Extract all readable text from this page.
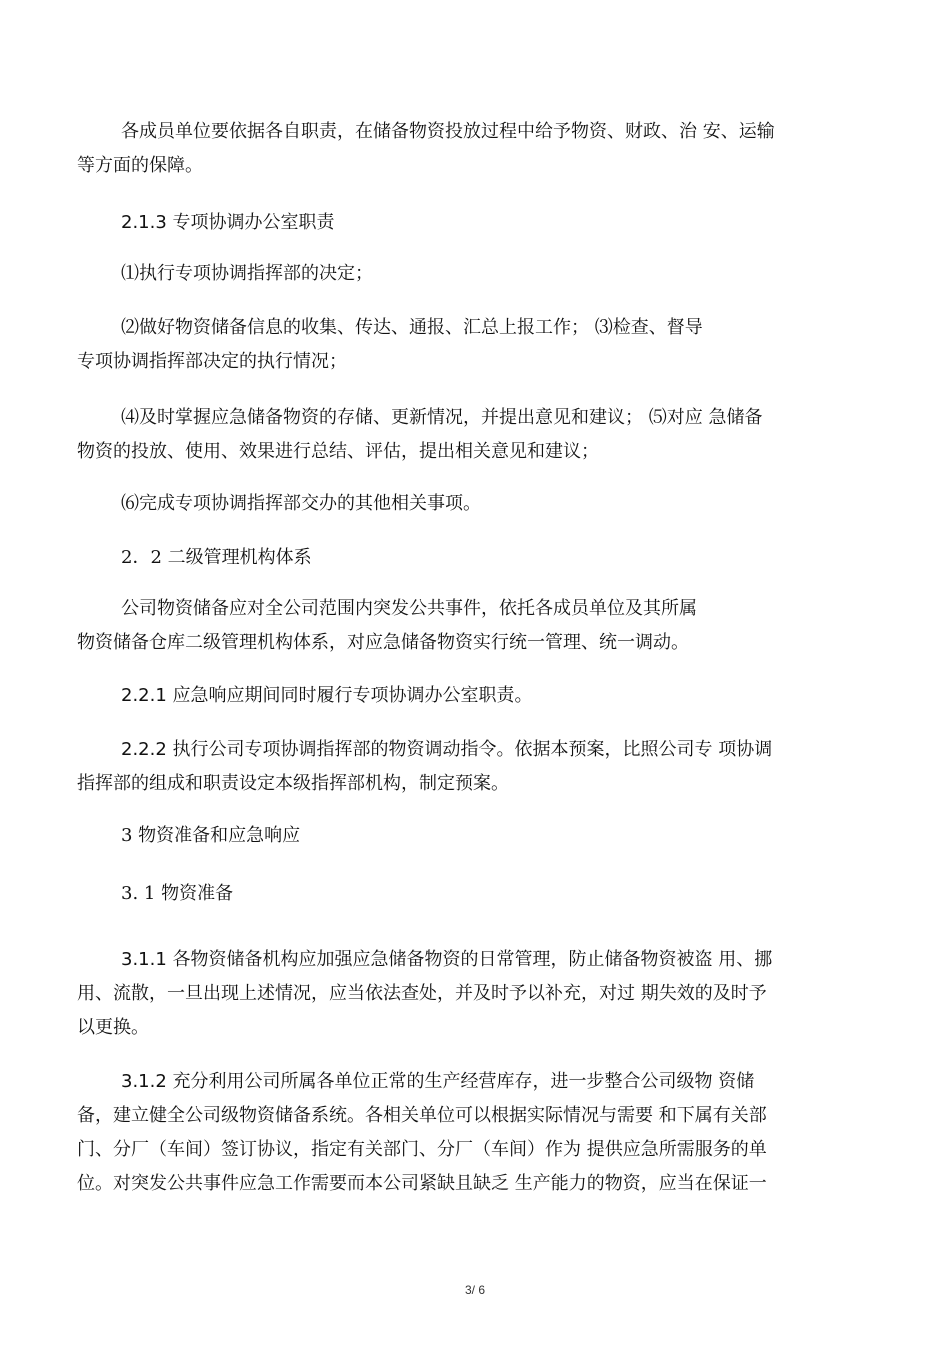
各成员单位要依据各自职责，在储备物资投放过程中给予物资、财政、治 安、运输

等方面的保障。

2.1.3 专项协调办公室职责

⑴执行专项协调指挥部的决定；

⑵做好物资储备信息的收集、传达、通报、汇总上报工作； ⑶检查、督导

专项协调指挥部决定的执行情况；

⑷及时掌握应急储备物资的存储、更新情况，并提出意见和建议； ⑸对应 急储备

物资的投放、使用、效果进行总结、评估，提出相关意见和建议；

⑹完成专项协调指挥部交办的其他相关事项。

2．2 二级管理机构体系

公司物资储备应对全公司范围内突发公共事件，依托各成员单位及其所属

物资储备仓库二级管理机构体系，对应急储备物资实行统一管理、统一调动。

2.2.1 应急响应期间同时履行专项协调办公室职责。

2.2.2 执行公司专项协调指挥部的物资调动指令。依据本预案，比照公司专 项协调

指挥部的组成和职责设定本级指挥部机构，制定预案。

3 物资准备和应急响应

3. 1 物资准备

3.1.1 各物资储备机构应加强应急储备物资的日常管理，防止储备物资被盗 用、挪

用、流散，一旦出现上述情况，应当依法查处，并及时予以补充，对过 期失效的及时予

以更换。

3.1.2 充分利用公司所属各单位正常的生产经营库存，进一步整合公司级物 资储

备，建立健全公司级物资储备系统。各相关单位可以根据实际情况与需要 和下属有关部

门、分厂（车间）签订协议，指定有关部门、分厂（车间）作为 提供应急所需服务的单

位。对突发公共事件应急工作需要而本公司紧缺且缺乏 生产能力的物资，应当在保证一

3/ 6
